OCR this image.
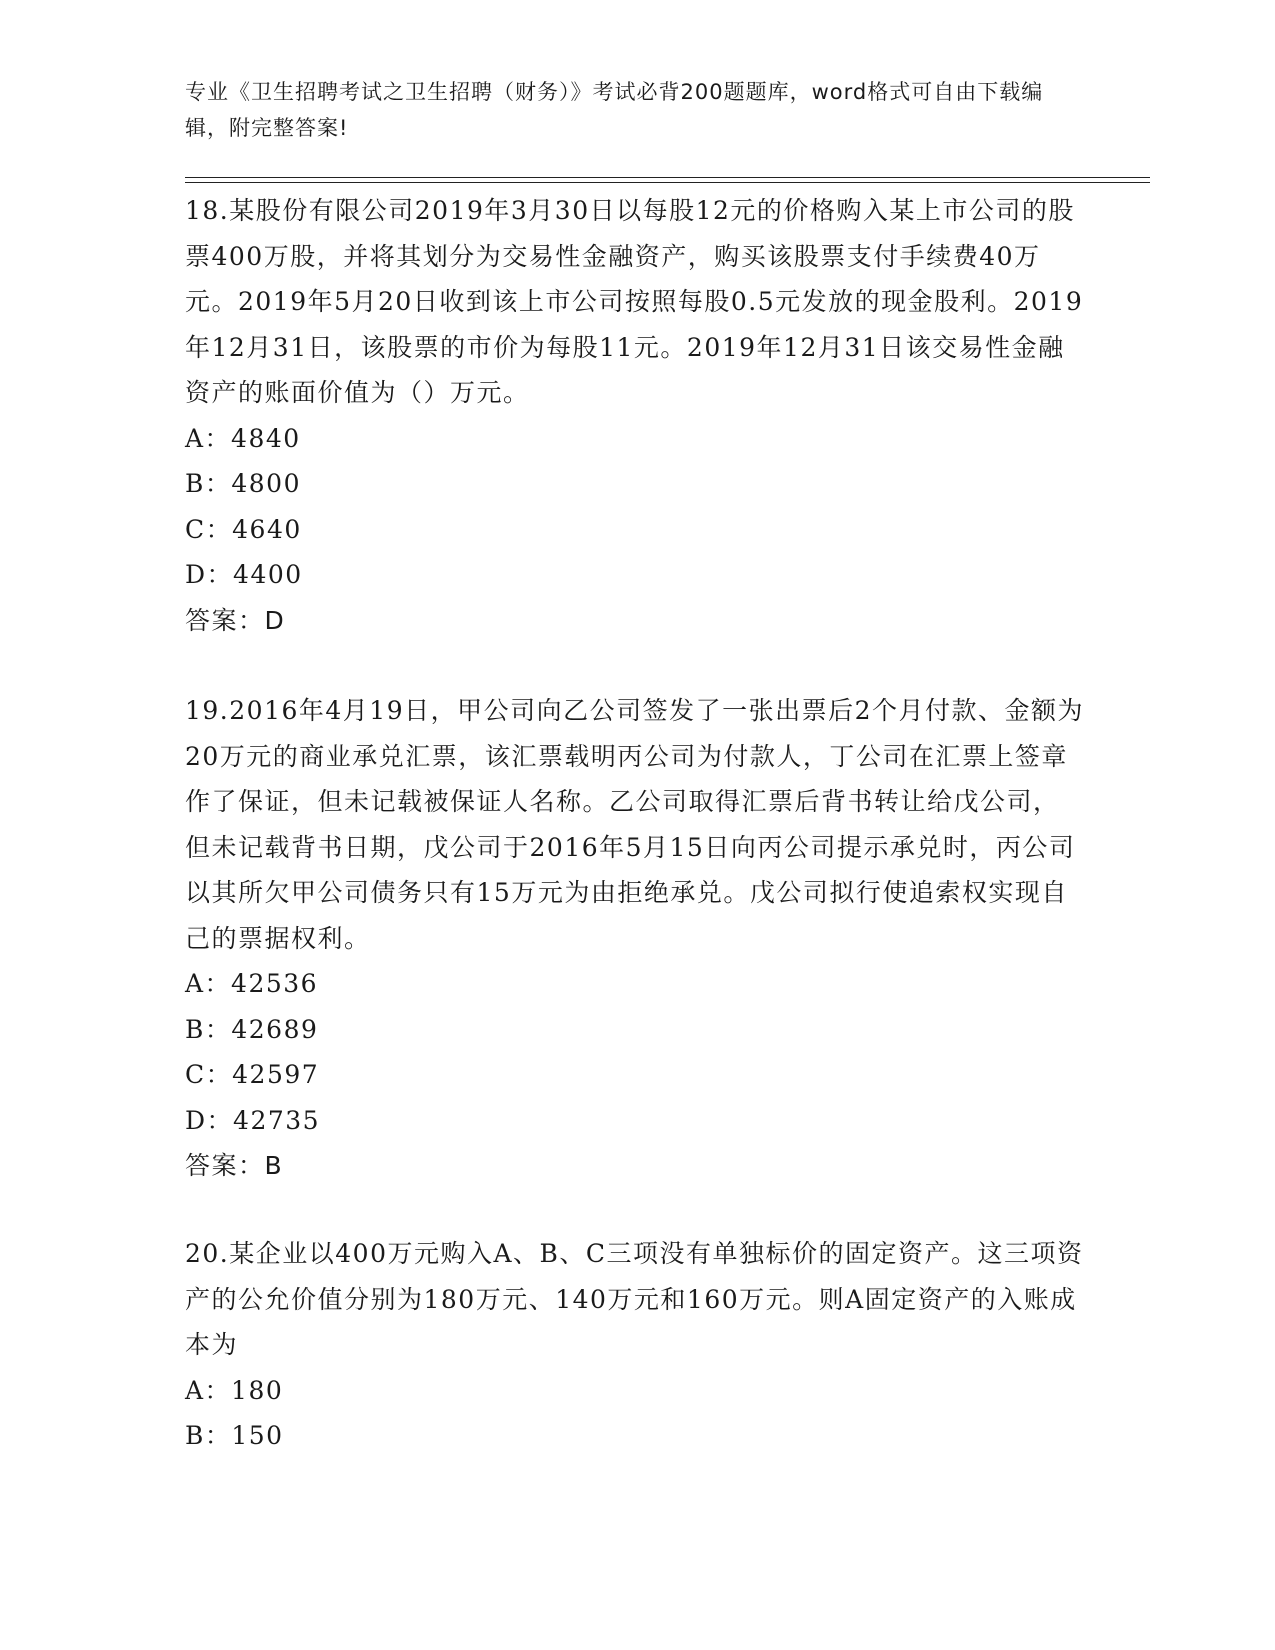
专业《卫生招聘考试之卫生招聘（财务）》考试必背200题题库，word格式可自由下载编辑，附完整答案!

18.某股份有限公司2019年3月30日以每股12元的价格购入某上市公司的股票400万股，并将其划分为交易性金融资产，购买该股票支付手续费40万元。2019年5月20日收到该上市公司按照每股0.5元发放的现金股利。2019年12月31日，该股票的市价为每股11元。2019年12月31日该交易性金融资产的账面价值为（）万元。

A：4840

B：4800

C：4640

D：4400

答案：D

19.2016年4月19日，甲公司向乙公司签发了一张出票后2个月付款、金额为20万元的商业承兑汇票，该汇票载明丙公司为付款人，丁公司在汇票上签章作了保证，但未记载被保证人名称。乙公司取得汇票后背书转让给戊公司，但未记载背书日期，戊公司于2016年5月15日向丙公司提示承兑时，丙公司以其所欠甲公司债务只有15万元为由拒绝承兑。戊公司拟行使追索权实现自己的票据权利。

A：42536

B：42689

C：42597

D：42735

答案：B

20.某企业以400万元购入A、B、C三项没有单独标价的固定资产。这三项资产的公允价值分别为180万元、140万元和160万元。则A固定资产的入账成本为

A：180

B：150
